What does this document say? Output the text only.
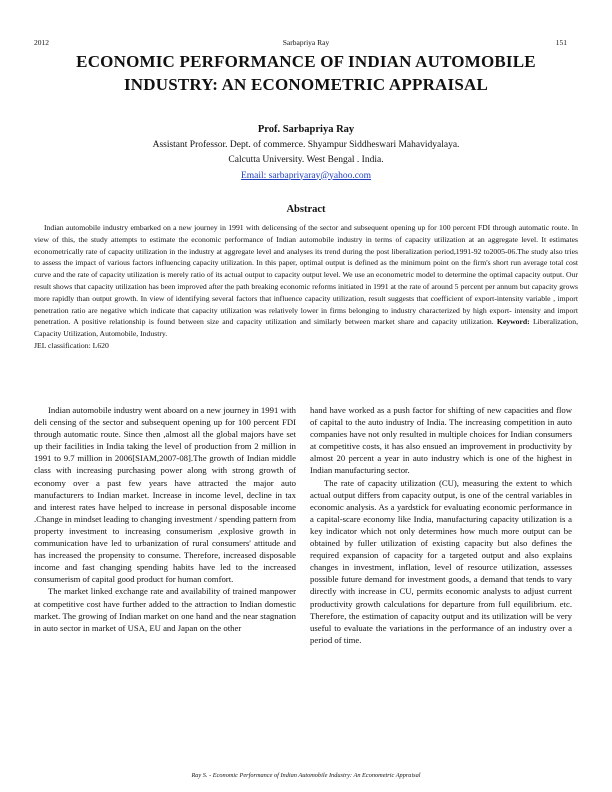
2012	Sarbapriya Ray	151
ECONOMIC PERFORMANCE OF INDIAN AUTOMOBILE
INDUSTRY: AN ECONOMETRIC APPRAISAL
Prof. Sarbapriya Ray
Assistant Professor. Dept. of commerce. Shyampur Siddheswari Mahavidyalaya.
Calcutta University. West Bengal . India.
Email: sarbapriyaray@yahoo.com
Abstract

Indian automobile industry embarked on a new journey in 1991 with delicensing of the sector and subsequent opening up for 100 percent FDI through automatic route. In view of this, the study attempts to estimate the economic performance of Indian automobile industry in terms of capacity utilization at an aggregate level. It estimates econometrically rate of capacity utilization in the industry at aggregate level and analyses its trend during the post liberalization period,1991-92 to2005-06.The study also tries to assess the impact of various factors influencing capacity utilization. In this paper, optimal output is defined as the minimum point on the firm's short run average total cost curve and the rate of capacity utilization is merely ratio of its actual output to capacity output level. We use an econometric model to determine the optimal capacity output. Our result shows that capacity utilization has been improved after the path breaking economic reforms initiated in 1991 at the rate of around 5 percent per annum but capacity grows more rapidly than output growth. In view of identifying several factors that influence capacity utilization, result suggests that coefficient of export-intensity variable , import penetration ratio are negative which indicate that capacity utilization was relatively lower in firms belonging to industry characterized by high export- intensity and import penetration. A positive relationship is found between size and capacity utilization and similarly between market share and capacity utilization. Keyword: Liberalization, Capacity Utilization, Automobile, Industry.

JEL classification: L620

Indian automobile industry went aboard on a new journey in 1991 with deli censing of the sector and subsequent opening up for 100 percent FDI through automatic route. Since then ,almost all the global majors have set up their facilities in India taking the level of production from 2 million in 1991 to 9.7 million in 2006[SIAM,2007-08].The growth of Indian middle class with increasing purchasing power along with strong growth of economy over a past few years have attracted the major auto manufacturers to Indian market. Increase in income level, decline in tax and interest rates have helped to increase in personal disposable income .Change in mindset leading to changing investment / spending pattern from property investment to increasing consumerism ,explosive growth in communication have led to urbanization of rural consumers' attitude and has increased the propensity to consume. Therefore, increased disposable income and fast changing spending habits have led to the increased consumerism of capital good product for human comfort.

The market linked exchange rate and availability of trained manpower at competitive cost have further added to the attraction to Indian domestic market. The growing of Indian market on one hand and the near stagnation in auto sector in market of USA, EU and Japan on the other

hand have worked as a push factor for shifting of new capacities and flow of capital to the auto industry of India. The increasing competition in auto companies have not only resulted in multiple choices for Indian consumers at competitive costs, it has also ensued an improvement in productivity by almost 20 percent a year in auto industry which is one of the highest in Indian manufacturing sector.

The rate of capacity utilization (CU), measuring the extent to which actual output differs from capacity output, is one of the central variables in economic analysis. As a yardstick for evaluating economic performance in a capital-scare economy like India, manufacturing capacity utilization is a key indicator which not only determines how much more output can be obtained by fuller utilization of existing capacity but also defines the required expansion of capacity for a targeted output and also explains changes in investment, inflation, level of resource utilization, assesses possible future demand for investment goods, a demand that tends to vary directly with increase in CU, permits economic analysts to adjust current productivity growth calculations for departure from full equilibrium. etc. Therefore, the estimation of capacity output and its utilization will be very useful to evaluate the variations in the performance of an industry over a period of time.

Ray S. - Economic Performance of Indian Automobile Industry: An Econometric Appraisal
